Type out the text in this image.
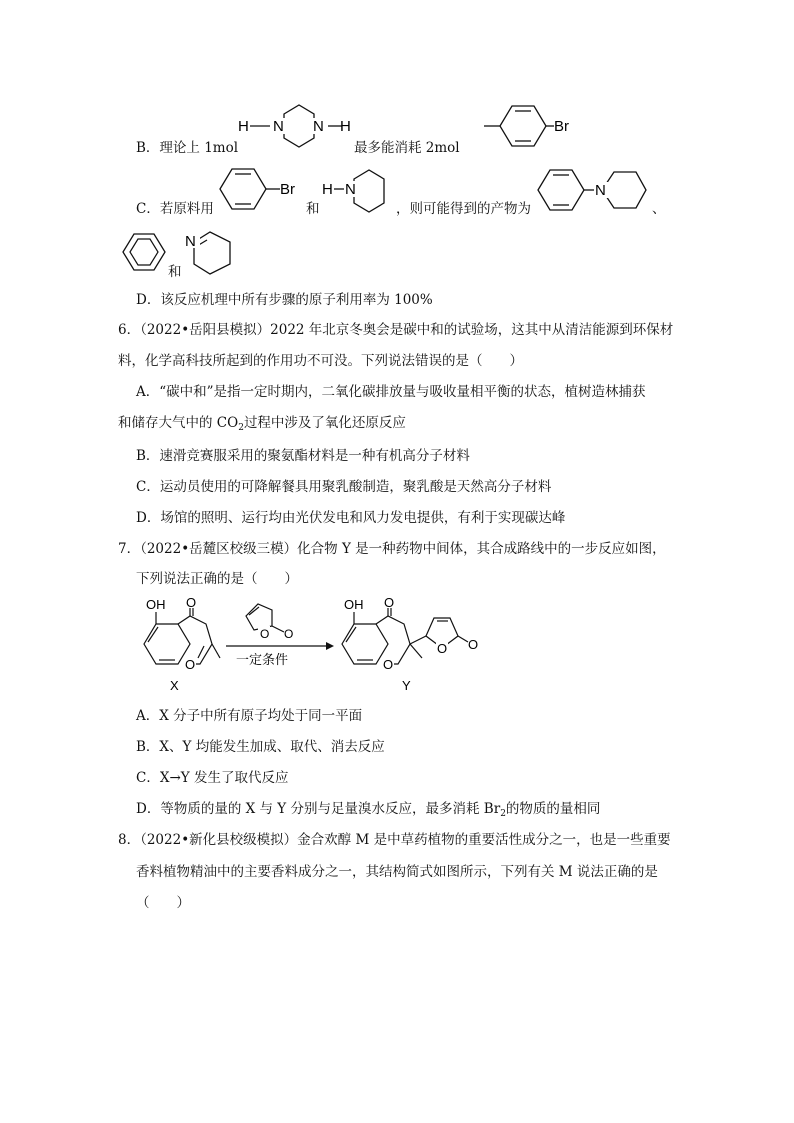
B．理论上 1mol
H N N H
最多能消耗 2mol
Br
C．若原料用
Br
和
H N
，则可能得到的产物为
N
、
和
N
D．该反应机理中所有步骤的原子利用率为 100%
6．（2022•岳阳县模拟）2022 年北京冬奥会是碳中和的试验场，这其中从清洁能源到环保材
料，化学高科技所起到的作用功不可没。下列说法错误的是（　　）
A．“碳中和”是指一定时期内，二氧化碳排放量与吸收量相平衡的状态，植树造林捕获
和储存大气中的 $CO_2$过程中涉及了氧化还原反应
B．速滑竞赛服采用的聚氨酯材料是一种有机高分子材料
C．运动员使用的可降解餐具用聚乳酸制造，聚乳酸是天然高分子材料
D．场馆的照明、运行均由光伏发电和风力发电提供，有利于实现碳达峰
7．（2022•岳麓区校级三模）化合物 Y 是一种药物中间体，其合成路线中的一步反应如图，
下列说法正确的是（　　）
OH O
O
X
O O
一定条件	O
O O
OH O
Y
A．X 分子中所有原子均处于同一平面
B．X、Y 均能发生加成、取代、消去反应
C．X→Y 发生了取代反应
D．等物质的量的 X 与 Y 分别与足量溴水反应，最多消耗 $Br_2$的物质的量相同
8．（2022•新化县校级模拟）金合欢醇 M 是中草药植物的重要活性成分之一，也是一些重要
香料植物精油中的主要香料成分之一，其结构简式如图所示，下列有关 M 说法正确的是
（　　）
